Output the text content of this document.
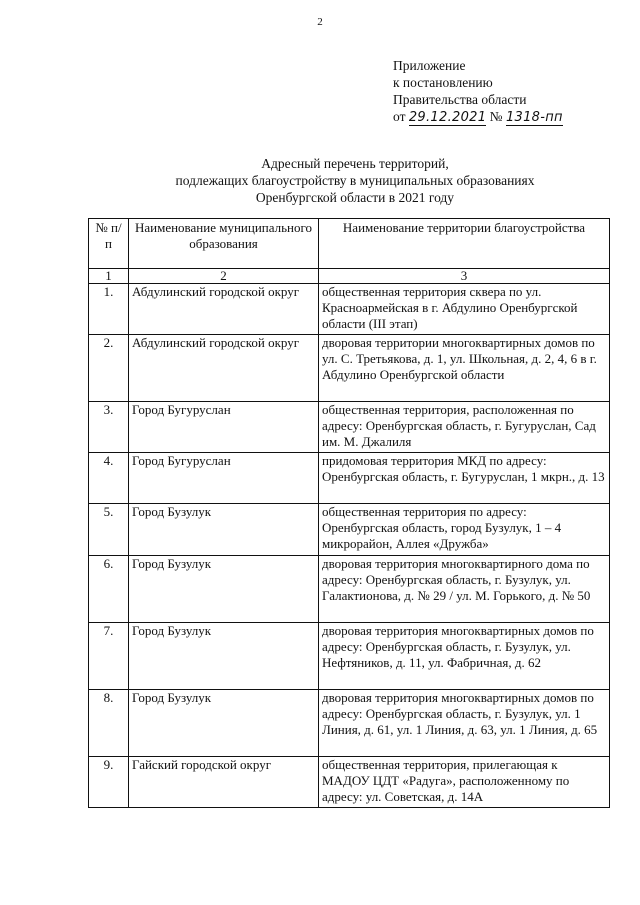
2
Приложение
к постановлению
Правительства области
от 29.12.2021 № 1318-пп
Адресный перечень территорий,
подлежащих благоустройству в муниципальных образованиях
Оренбургской области в 2021 году
№ п/п	Наименование муниципального образования	Наименование территории благоустройства
1	2	3
1.	Абдулинский городской округ	общественная территория сквера по ул. Красноармейская в г. Абдулино Оренбургской области (III этап)
2.	Абдулинский городской округ	дворовая территории многоквартирных домов по ул. С. Третьякова, д. 1, ул. Школьная, д. 2, 4, 6 в г. Абдулино Оренбургской области
3.	Город Бугуруслан	общественная территория, расположенная по адресу: Оренбургская область, г. Бугуруслан, Сад им. М. Джалиля
4.	Город Бугуруслан	придомовая территория МКД по адресу: Оренбургская область, г. Бугуруслан, 1 мкрн., д. 13
5.	Город Бузулук	общественная территория по адресу: Оренбургская область, город Бузулук, 1 – 4 микрорайон, Аллея «Дружба»
6.	Город Бузулук	дворовая территория многоквартирного дома по адресу: Оренбургская область, г. Бузулук, ул. Галактионова, д. № 29 / ул. М. Горького, д. № 50
7.	Город Бузулук	дворовая территория многоквартирных домов по адресу: Оренбургская область, г. Бузулук, ул. Нефтяников, д. 11, ул. Фабричная, д. 62
8.	Город Бузулук	дворовая территория многоквартирных домов по адресу: Оренбургская область, г. Бузулук, ул. 1 Линия, д. 61, ул. 1 Линия, д. 63, ул. 1 Линия, д. 65
9.	Гайский городской округ	общественная территория, прилегающая к МАДОУ ЦДТ «Радуга», расположенному по адресу: ул. Советская, д. 14А
